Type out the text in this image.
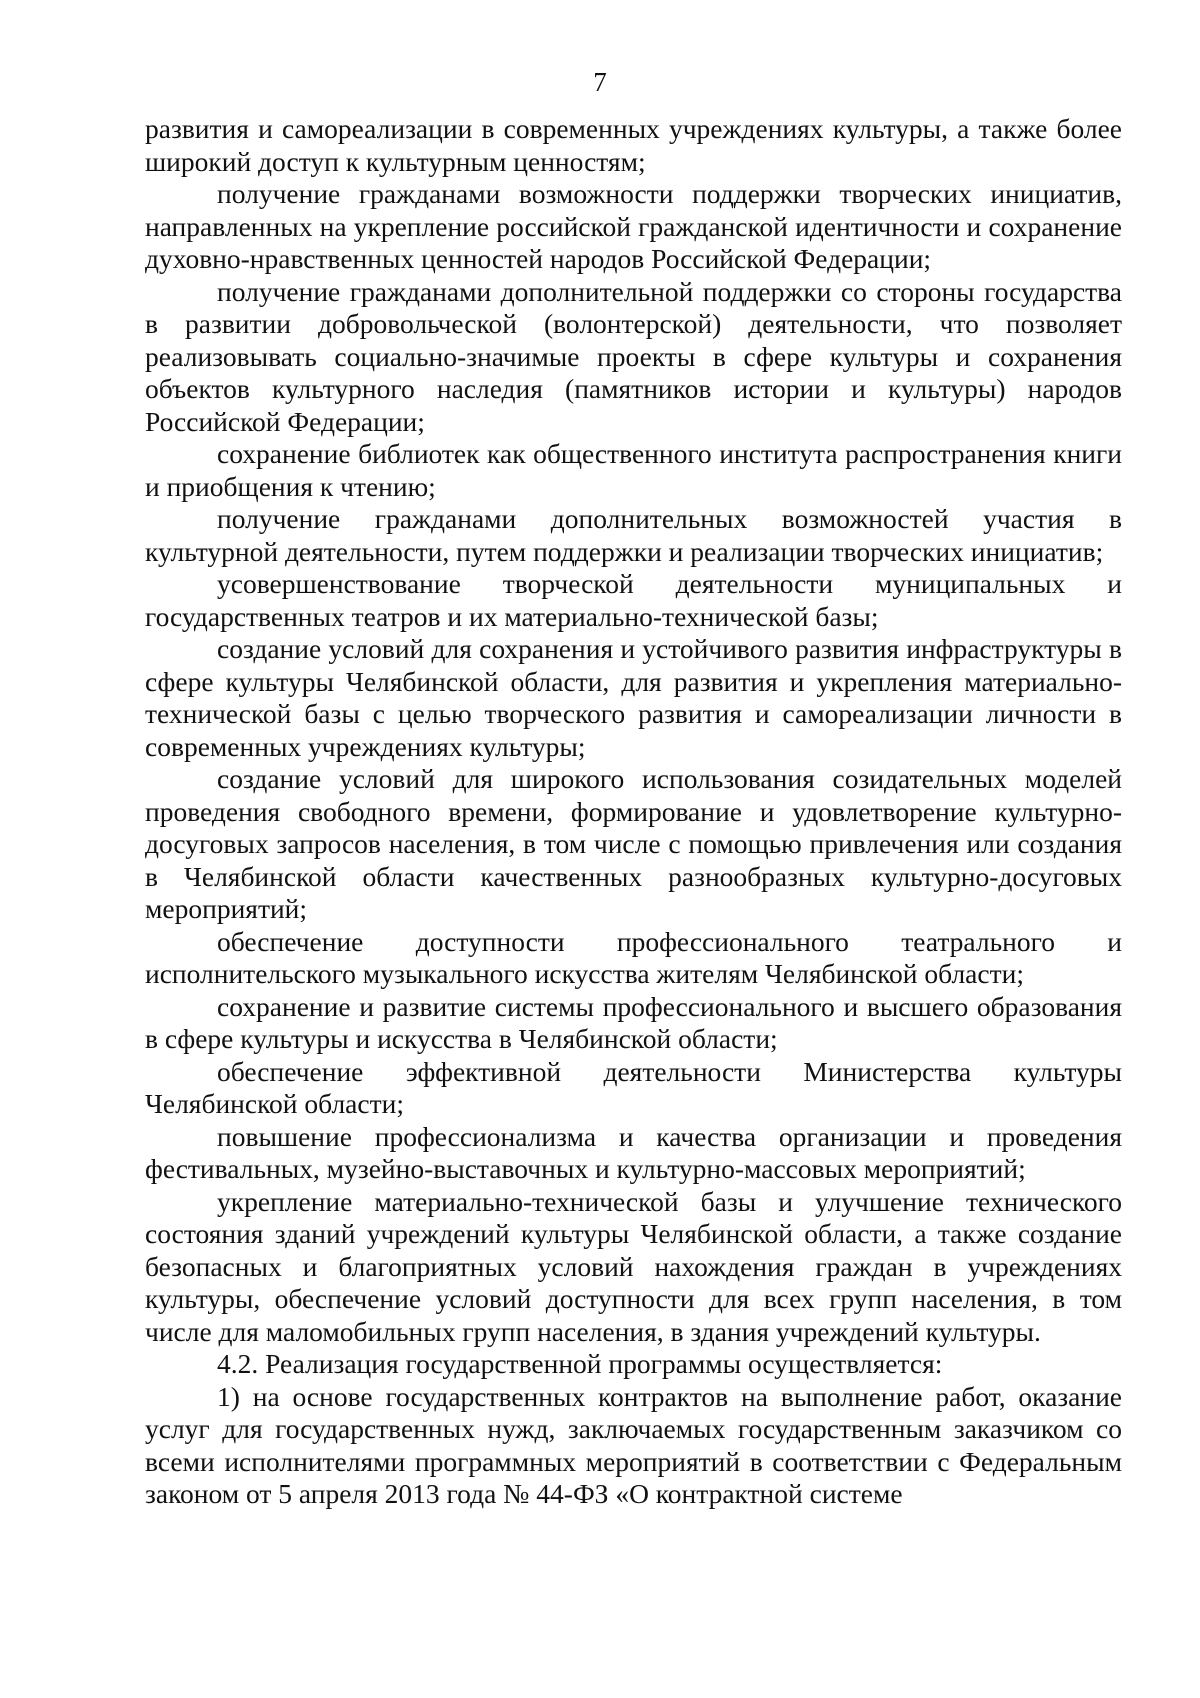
7

развития и самореализации в современных учреждениях культуры, а также более широкий доступ к культурным ценностям;

получение гражданами возможности поддержки творческих инициатив, направленных на укрепление российской гражданской идентичности и сохранение духовно-нравственных ценностей народов Российской Федерации;

получение гражданами дополнительной поддержки со стороны государства в развитии добровольческой (волонтерской) деятельности, что позволяет реализовывать социально-значимые проекты в сфере культуры и сохранения объектов культурного наследия (памятников истории и культуры) народов Российской Федерации;

сохранение библиотек как общественного института распространения книги и приобщения к чтению;

получение гражданами дополнительных возможностей участия в культурной деятельности, путем поддержки и реализации творческих инициатив;

усовершенствование творческой деятельности муниципальных и государственных театров и их материально-технической базы;

создание условий для сохранения и устойчивого развития инфраструктуры в сфере культуры Челябинской области, для развития и укрепления материально-технической базы с целью творческого развития и самореализации личности в современных учреждениях культуры;

создание условий для широкого использования созидательных моделей проведения свободного времени, формирование и удовлетворение культурно-досуговых запросов населения, в том числе с помощью привлечения или создания в Челябинской области качественных разнообразных культурно-досуговых мероприятий;

обеспечение доступности профессионального театрального и исполнительского музыкального искусства жителям Челябинской области;

сохранение и развитие системы профессионального и высшего образования в сфере культуры и искусства в Челябинской области;

обеспечение эффективной деятельности Министерства культуры Челябинской области;

повышение профессионализма и качества организации и проведения фестивальных, музейно-выставочных и культурно-массовых мероприятий;

укрепление материально-технической базы и улучшение технического состояния зданий учреждений культуры Челябинской области, а также создание безопасных и благоприятных условий нахождения граждан в учреждениях культуры, обеспечение условий доступности для всех групп населения, в том числе для маломобильных групп населения, в здания учреждений культуры.

4.2. Реализация государственной программы осуществляется:

1) на основе государственных контрактов на выполнение работ, оказание услуг для государственных нужд, заключаемых государственным заказчиком со всеми исполнителями программных мероприятий в соответствии с Федеральным законом от 5 апреля 2013 года № 44-ФЗ «О контрактной системе
